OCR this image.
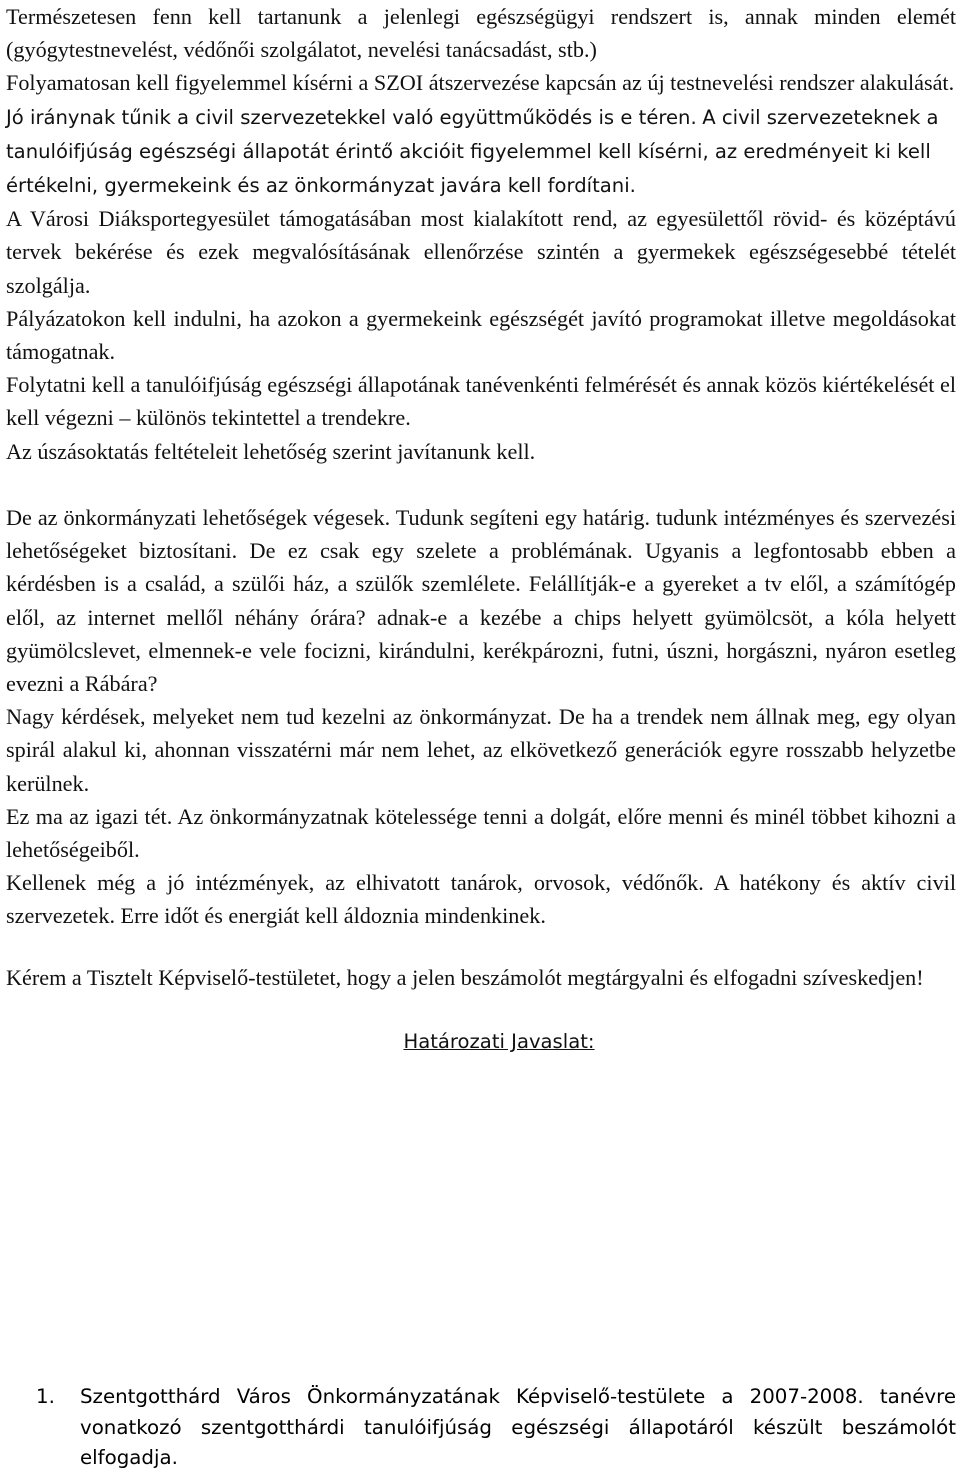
Természetesen fenn kell tartanunk a jelenlegi egészségügyi rendszert is, annak minden elemét (gyógytestnevelést, védőnői szolgálatot, nevelési tanácsadást, stb.)

Folyamatosan kell figyelemmel kísérni a SZOI átszervezése kapcsán az új testnevelési rendszer alakulását.

Jó iránynak tűnik a civil szervezetekkel való együttműködés is e téren. A civil szervezeteknek a tanulóifjúság egészségi állapotát érintő akcióit figyelemmel kell kísérni, az eredményeit ki kell értékelni, gyermekeink és az önkormányzat javára kell fordítani.

A Városi Diáksportegyesület támogatásában most kialakított rend, az egyesülettől rövid- és középtávú tervek bekérése és ezek megvalósításának ellenőrzése szintén a gyermekek egészségesebbé tételét szolgálja.

Pályázatokon kell indulni, ha azokon a gyermekeink egészségét javító programokat illetve megoldásokat támogatnak.

Folytatni kell a tanulóifjúság egészségi állapotának tanévenkénti felmérését és annak közös kiértékelését el kell végezni – különös tekintettel a trendekre.

Az úszásoktatás feltételeit lehetőség szerint javítanunk kell.

De az önkormányzati lehetőségek végesek. Tudunk segíteni egy határig. tudunk intézményes és szervezési lehetőségeket biztosítani. De ez csak egy szelete a problémának. Ugyanis a legfontosabb ebben a kérdésben is a család, a szülői ház, a szülők szemlélete. Felállítják-e a gyereket a tv elől, a számítógép elől, az internet mellől néhány órára? adnak-e a kezébe a chips helyett gyümölcsöt, a kóla helyett gyümölcslevet, elmennek-e vele focizni, kirándulni, kerékpározni, futni, úszni, horgászni, nyáron esetleg evezni a Rábára?

Nagy kérdések, melyeket nem tud kezelni az önkormányzat. De ha a trendek nem állnak meg, egy olyan spirál alakul ki, ahonnan visszatérni már nem lehet, az elkövetkező generációk egyre rosszabb helyzetbe kerülnek.

Ez ma az igazi tét. Az önkormányzatnak kötelessége tenni a dolgát, előre menni és minél többet kihozni a lehetőségeiből.

Kellenek még a jó intézmények, az elhivatott tanárok, orvosok, védőnők. A hatékony és aktív civil szervezetek. Erre időt és energiát kell áldoznia mindenkinek.

Kérem a Tisztelt Képviselő-testületet, hogy a jelen beszámolót megtárgyalni és elfogadni szíveskedjen!

Határozati Javaslat:
1. Szentgotthárd Város Önkormányzatának Képviselő-testülete a 2007-2008. tanévre vonatkozó szentgotthárdi tanulóifjúság egészségi állapotáról készült beszámolót elfogadja.
